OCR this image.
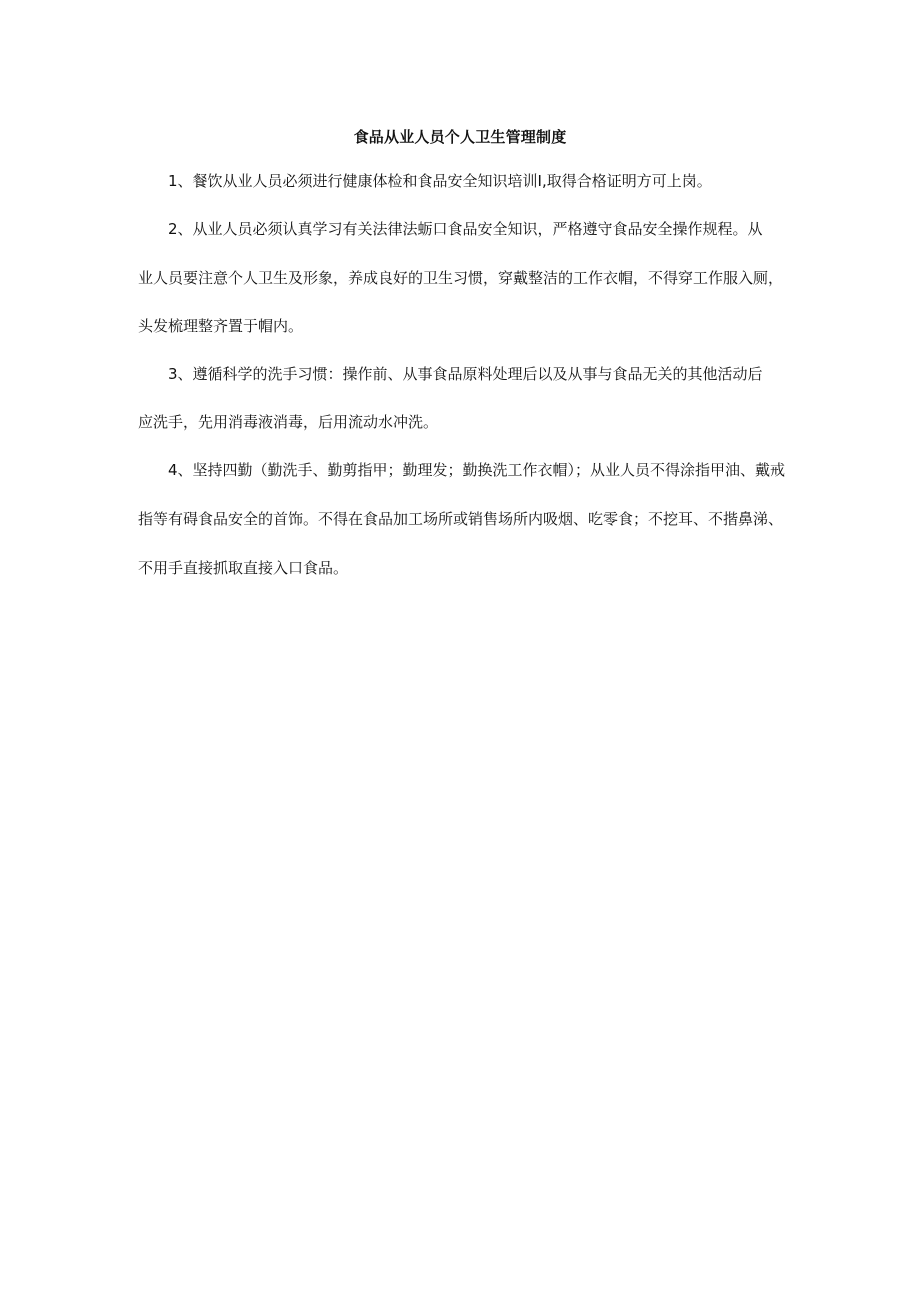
食品从业人员个人卫生管理制度
1、餐饮从业人员必须进行健康体检和食品安全知识培训Ⅰ,取得合格证明方可上岗。
2、从业人员必须认真学习有关法律法蛎口食品安全知识，严格遵守食品安全操作规程。从
业人员要注意个人卫生及形象，养成良好的卫生习惯，穿戴整洁的工作衣帽，不得穿工作服入厕，
头发梳理整齐置于帽内。
3、遵循科学的洗手习惯：操作前、从事食品原料处理后以及从事与食品无关的其他活动后
应洗手，先用消毒液消毒，后用流动水冲洗。
4、坚持四勤（勤洗手、勤剪指甲；勤理发；勤换洗工作衣帽）；从业人员不得涂指甲油、戴戒
指等有碍食品安全的首饰。不得在食品加工场所或销售场所内吸烟、吃零食；不挖耳、不揩鼻涕、
不用手直接抓取直接入口食品。
